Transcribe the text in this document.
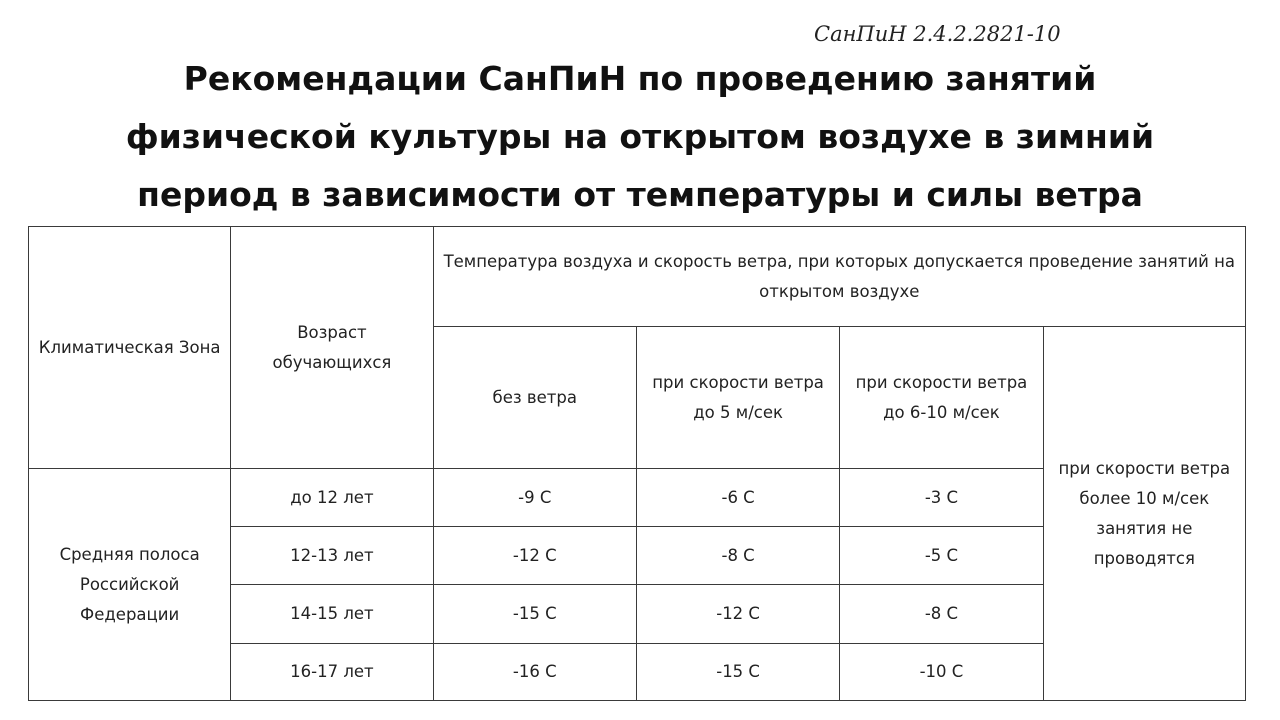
СанПиН 2.4.2.2821-10
Рекомендации СанПиН по проведению занятий
физической культуры на открытом воздухе в зимний
период в зависимости от температуры и силы ветра
Климатическая Зона	Возраст обучающихся	Температура воздуха и скорость ветра, при которых допускается проведение занятий на открытом воздухе			
		без ветра	при скорости ветра до 5 м/сек	при скорости ветра до 6-10 м/сек	при скорости ветра более 10 м/сек занятия не проводятся
Средняя полоса Российской Федерации	до 12 лет	-9 С	-6 С	-3 С	
	12-13 лет	-12 С	-8 С	-5 С	
	14-15 лет	-15 С	-12 С	-8 С	
	16-17 лет	-16 С	-15 С	-10 С	
